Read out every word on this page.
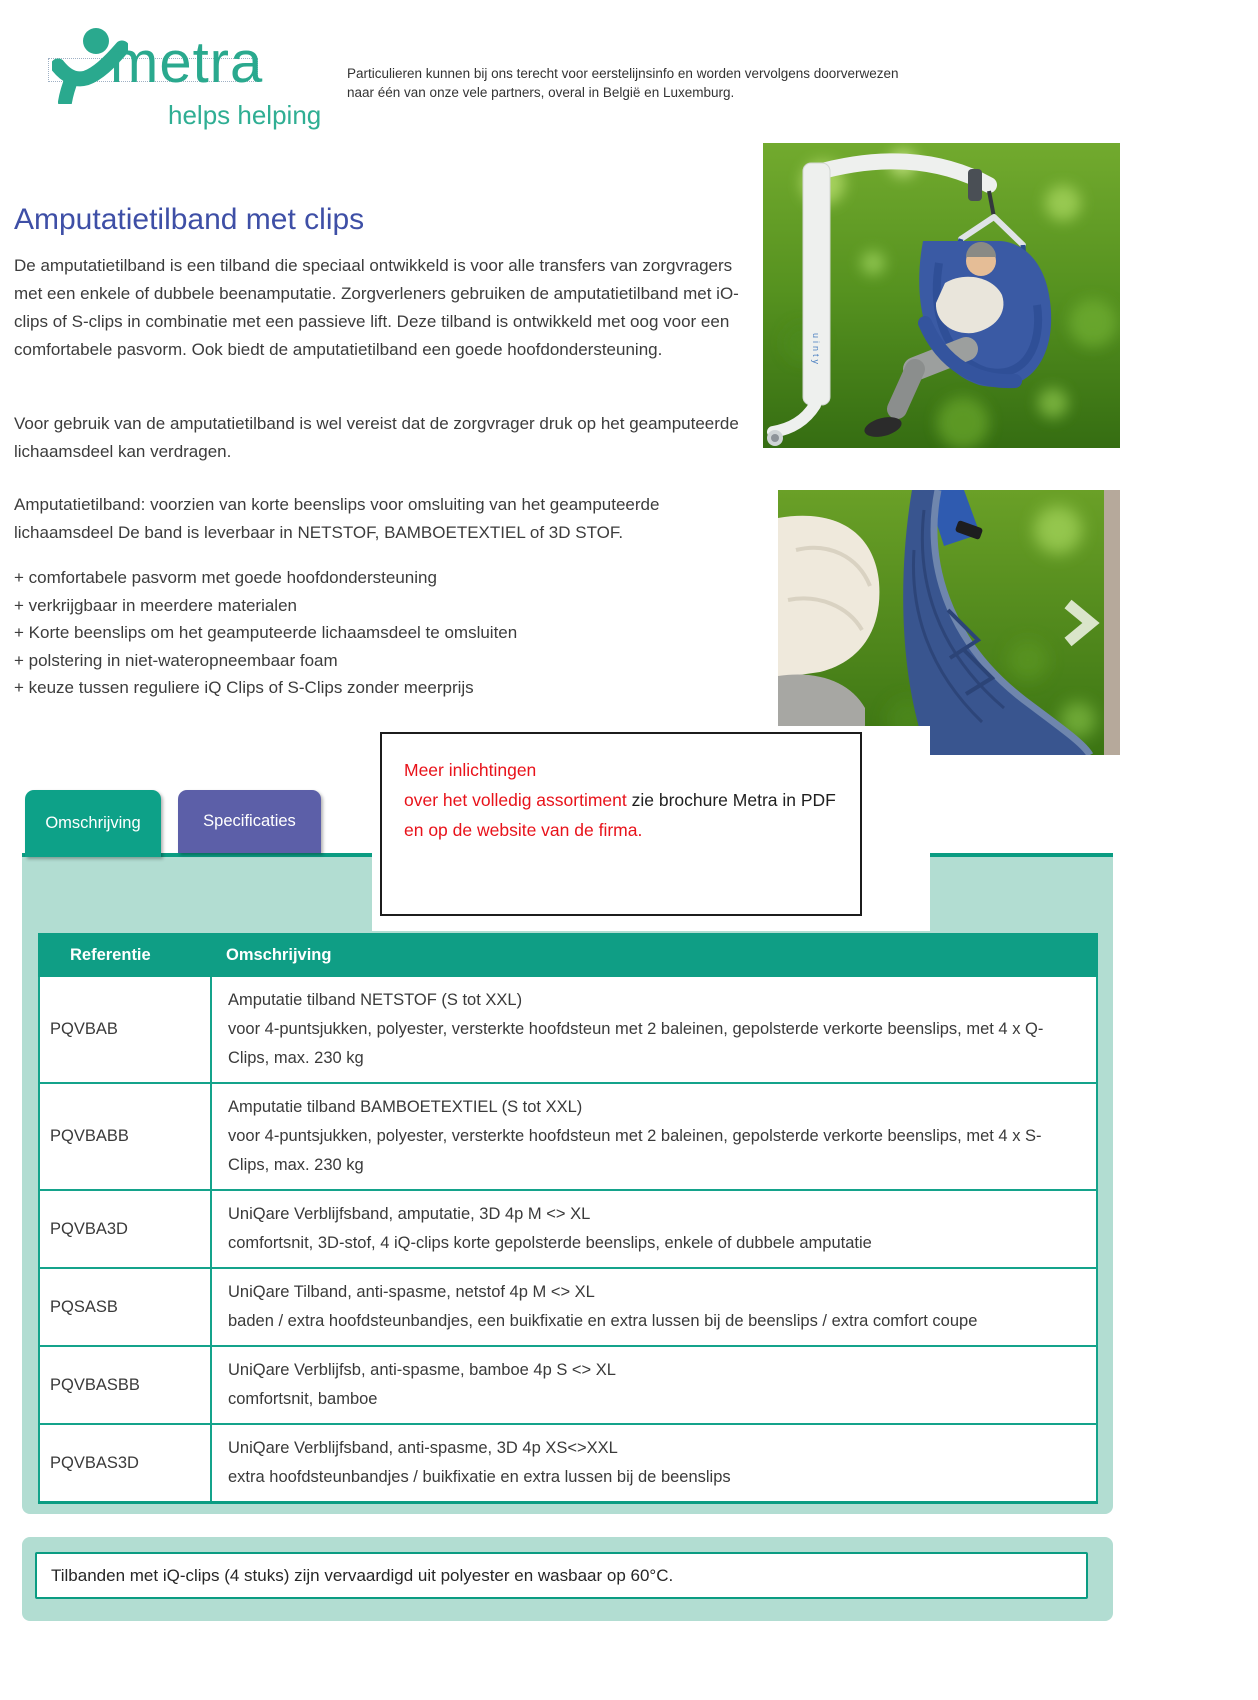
metra
helps helping
Particulieren kunnen bij ons terecht voor eerstelijnsinfo en worden vervolgens doorverwezen
naar één van onze vele partners, overal in België en Luxemburg.
uinty
Amputatietilband met clips
De amputatietilband is een tilband die speciaal ontwikkeld is voor alle transfers van zorgvragers met een enkele of dubbele beenamputatie. Zorgverleners gebruiken de amputatietilband met iO-clips of S-clips in combinatie met een passieve lift. Deze tilband is ontwikkeld met oog voor een comfortabele pasvorm. Ook biedt de amputatietilband een goede hoofdondersteuning.
Voor gebruik van de amputatietilband is wel vereist dat de zorgvrager druk op het geamputeerde lichaamsdeel kan verdragen.
Amputatietilband: voorzien van korte beenslips voor omsluiting van het geamputeerde lichaamsdeel De band is leverbaar in NETSTOF, BAMBOETEXTIEL of 3D STOF.
+ comfortabele pasvorm met goede hoofdondersteuning
+ verkrijgbaar in meerdere materialen
+ Korte beenslips om het geamputeerde lichaamsdeel te omsluiten
+ polstering in niet-wateropneembaar foam
+ keuze tussen reguliere iQ Clips of S-Clips zonder meerprijs
Meer inlichtingen
over het volledig assortiment zie brochure Metra in PDF
en op de website van de firma.
Omschrijving	Specificaties
Referentie	Omschrijving
PQVBAB	Amputatie tilband NETSTOF (S tot XXL)
voor 4-puntsjukken, polyester, versterkte hoofdsteun met 2 baleinen, gepolsterde verkorte beenslips, met 4 x Q-Clips, max. 230 kg

PQVBABB	Amputatie tilband BAMBOETEXTIEL (S tot XXL)
voor 4-puntsjukken, polyester, versterkte hoofdsteun met 2 baleinen, gepolsterde verkorte beenslips, met 4 x S-Clips, max. 230 kg

PQVBA3D	UniQare Verblijfsband, amputatie, 3D 4p M <> XL
comfortsnit, 3D-stof, 4 iQ-clips korte gepolsterde beenslips, enkele of dubbele amputatie

PQSASB	UniQare Tilband, anti-spasme, netstof 4p M <> XL
baden / extra hoofdsteunbandjes, een buikfixatie en extra lussen bij de beenslips / extra comfort coupe

PQVBASBB	UniQare Verblijfsb, anti-spasme, bamboe 4p S <> XL
comfortsnit, bamboe

PQVBAS3D	UniQare Verblijfsband, anti-spasme, 3D 4p XS<>XXL
extra hoofdsteunbandjes / buikfixatie en extra lussen bij de beenslips
Tilbanden met iQ-clips (4 stuks) zijn vervaardigd uit polyester en wasbaar op 60°C.
